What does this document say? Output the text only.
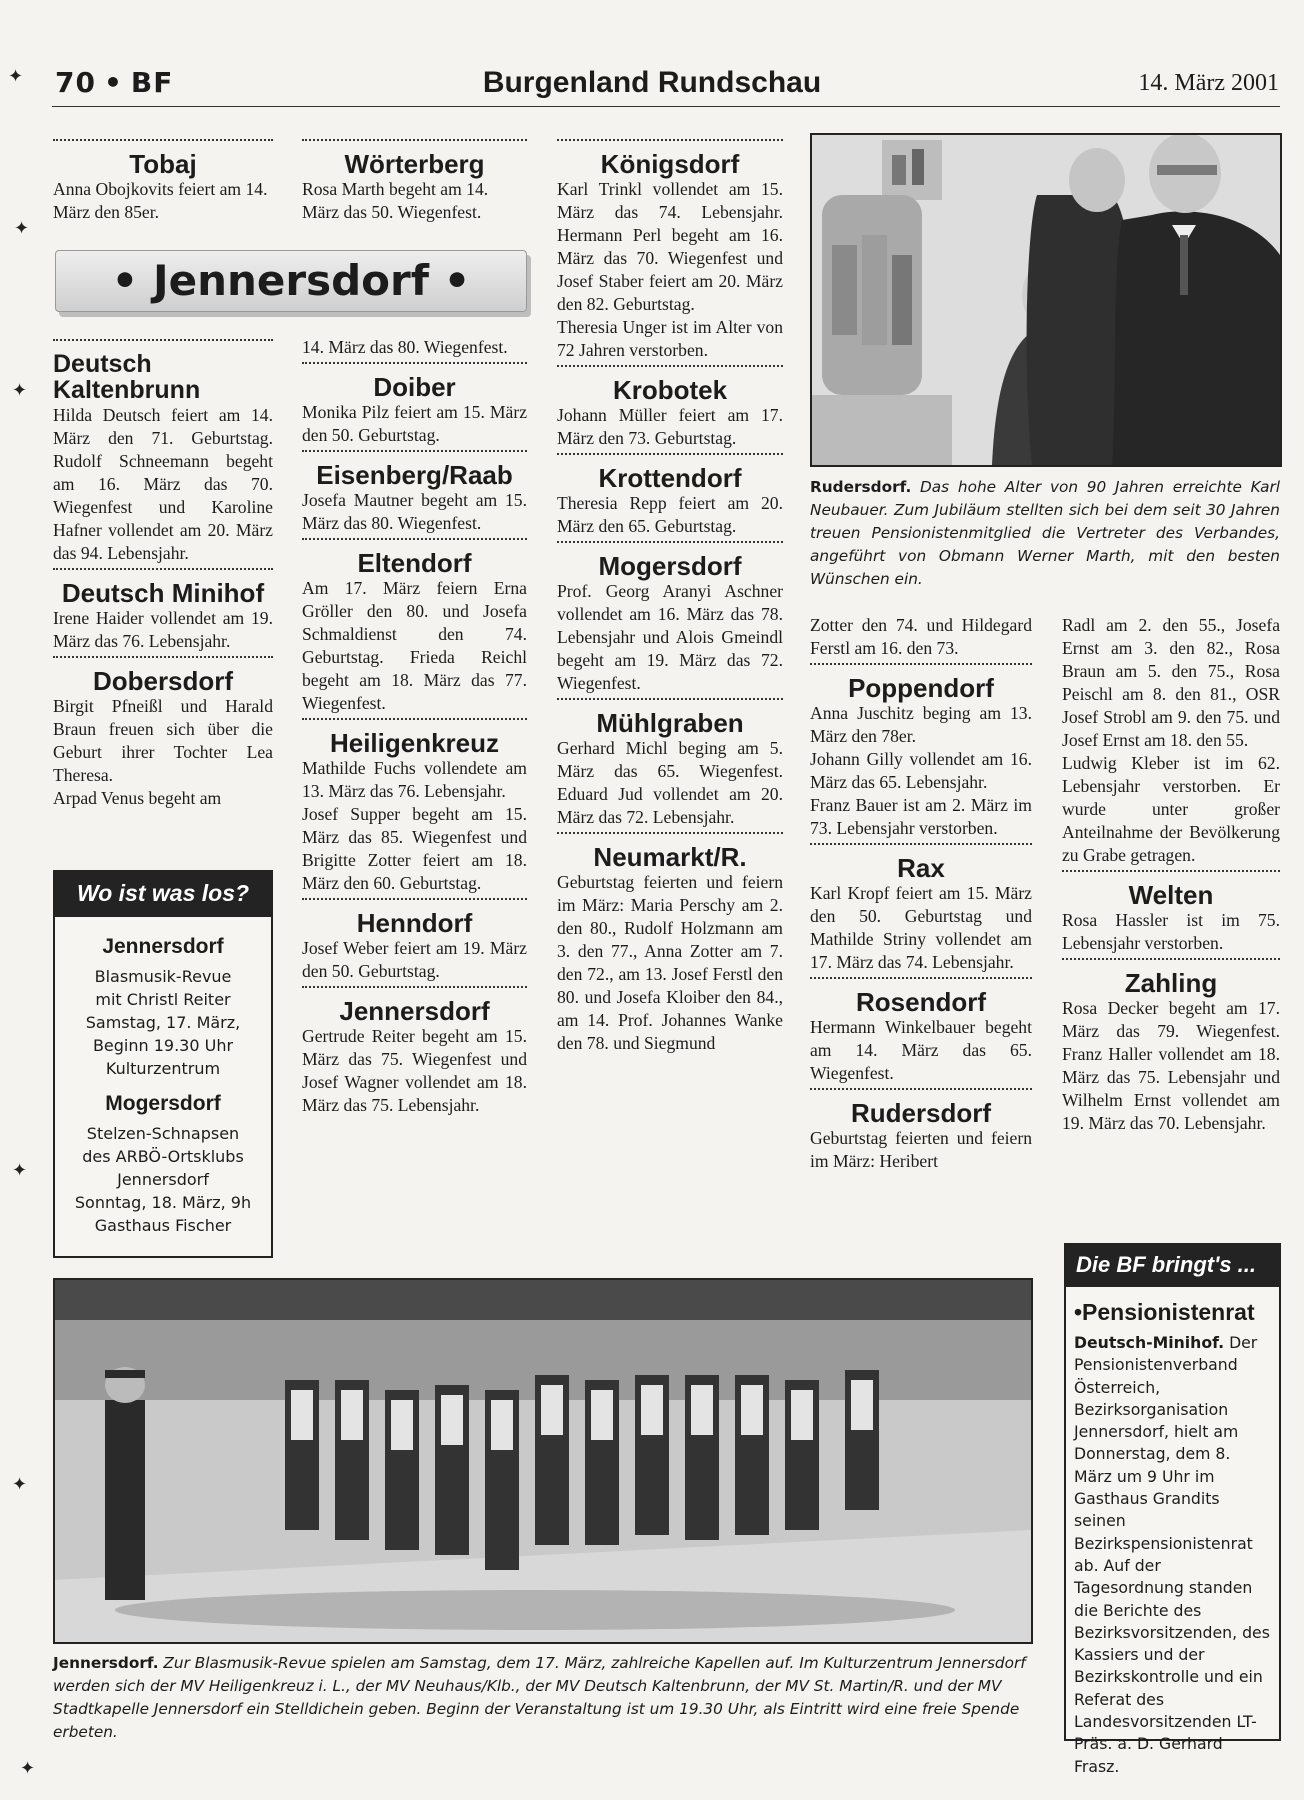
70 • BF	Burgenland Rundschau	14. März 2001
✦
✦
✦
✦
✦
✦
Tobaj

Anna Obojkovits feiert am 14. März den 85er.

Wörterberg

Rosa Marth begeht am 14. März das 50. Wiegenfest.

• Jennersdorf •
Deutsch Kaltenbrunn

Hilda Deutsch feiert am 14. März den 71. Geburtstag. Rudolf Schneemann begeht am 16. März das 70. Wiegenfest und Karoline Hafner vollendet am 20. März das 94. Lebensjahr.

Deutsch Minihof

Irene Haider vollendet am 19. März das 76. Lebensjahr.

Dobersdorf

Birgit Pfneißl und Harald Braun freuen sich über die Geburt ihrer Tochter Lea Theresa.

Arpad Venus begeht am

Wo ist was los?
Jennersdorf
Blasmusik-Revue
mit Christl Reiter
Samstag, 17. März,
Beginn 19.30 Uhr
Kulturzentrum
Mogersdorf
Stelzen-Schnapsen
des ARBÖ-Ortsklubs
Jennersdorf
Sonntag, 18. März, 9h
Gasthaus Fischer

14. März das 80. Wiegenfest.

Doiber

Monika Pilz feiert am 15. März den 50. Geburtstag.

Eisenberg/Raab

Josefa Mautner begeht am 15. März das 80. Wiegenfest.

Eltendorf

Am 17. März feiern Erna Gröller den 80. und Josefa Schmaldienst den 74. Geburtstag. Frieda Reichl begeht am 18. März das 77. Wiegenfest.

Heiligenkreuz

Mathilde Fuchs vollendete am 13. März das 76. Lebensjahr.

Josef Supper begeht am 15. März das 85. Wiegenfest und Brigitte Zotter feiert am 18. März den 60. Geburtstag.

Henndorf

Josef Weber feiert am 19. März den 50. Geburtstag.

Jennersdorf

Gertrude Reiter begeht am 15. März das 75. Wiegenfest und Josef Wagner vollendet am 18. März das 75. Lebensjahr.

Königsdorf

Karl Trinkl vollendet am 15. März das 74. Lebensjahr. Hermann Perl begeht am 16. März das 70. Wiegenfest und Josef Staber feiert am 20. März den 82. Geburtstag.

Theresia Unger ist im Alter von 72 Jahren verstorben.

Krobotek

Johann Müller feiert am 17. März den 73. Geburtstag.

Krottendorf

Theresia Repp feiert am 20. März den 65. Geburtstag.

Mogersdorf

Prof. Georg Aranyi Aschner vollendet am 16. März das 78. Lebensjahr und Alois Gmeindl begeht am 19. März das 72. Wiegenfest.

Mühlgraben

Gerhard Michl beging am 5. März das 65. Wiegenfest. Eduard Jud vollendet am 20. März das 72. Lebensjahr.

Neumarkt/R.

Geburtstag feierten und feiern im März: Maria Perschy am 2. den 80., Rudolf Holzmann am 3. den 77., Anna Zotter am 7. den 72., am 13. Josef Ferstl den 80. und Josefa Kloiber den 84., am 14. Prof. Johannes Wanke den 78. und Siegmund

Rudersdorf. Das hohe Alter von 90 Jahren erreichte Karl Neubauer. Zum Jubiläum stellten sich bei dem seit 30 Jahren treuen Pensionistenmitglied die Vertreter des Verbandes, angeführt von Obmann Werner Marth, mit den besten Wünschen ein.

Zotter den 74. und Hildegard Ferstl am 16. den 73.

Poppendorf

Anna Juschitz beging am 13. März den 78er.

Johann Gilly vollendet am 16. März das 65. Lebensjahr.

Franz Bauer ist am 2. März im 73. Lebensjahr verstorben.

Rax

Karl Kropf feiert am 15. März den 50. Geburtstag und Mathilde Striny vollendet am 17. März das 74. Lebensjahr.

Rosendorf

Hermann Winkelbauer begeht am 14. März das 65. Wiegenfest.

Rudersdorf

Geburtstag feierten und feiern im März: Heribert

Radl am 2. den 55., Josefa Ernst am 3. den 82., Rosa Braun am 5. den 75., Rosa Peischl am 8. den 81., OSR Josef Strobl am 9. den 75. und Josef Ernst am 18. den 55.

Ludwig Kleber ist im 62. Lebensjahr verstorben. Er wurde unter großer Anteilnahme der Bevölkerung zu Grabe getragen.

Welten

Rosa Hassler ist im 75. Lebensjahr verstorben.

Zahling

Rosa Decker begeht am 17. März das 79. Wiegenfest. Franz Haller vollendet am 18. März das 75. Lebensjahr und Wilhelm Ernst vollendet am 19. März das 70. Lebensjahr.

Jennersdorf. Zur Blasmusik-Revue spielen am Samstag, dem 17. März, zahlreiche Kapellen auf. Im Kulturzentrum Jennersdorf werden sich der MV Heiligenkreuz i. L., der MV Neuhaus/Klb., der MV Deutsch Kaltenbrunn, der MV St. Martin/R. und der MV Stadtkapelle Jennersdorf ein Stelldichein geben. Beginn der Veranstaltung ist um 19.30 Uhr, als Eintritt wird eine freie Spende erbeten.
Die BF bringt's ...
•Pensionistenrat
Deutsch-Minihof. Der Pensionistenverband Österreich, Bezirksorganisation Jennersdorf, hielt am Donnerstag, dem 8. März um 9 Uhr im Gasthaus Grandits seinen Bezirkspensionistenrat ab. Auf der Tagesordnung standen die Berichte des Bezirksvorsitzenden, des Kassiers und der Bezirkskontrolle und ein Referat des Landesvorsitzenden LT-Präs. a. D. Gerhard Frasz.
